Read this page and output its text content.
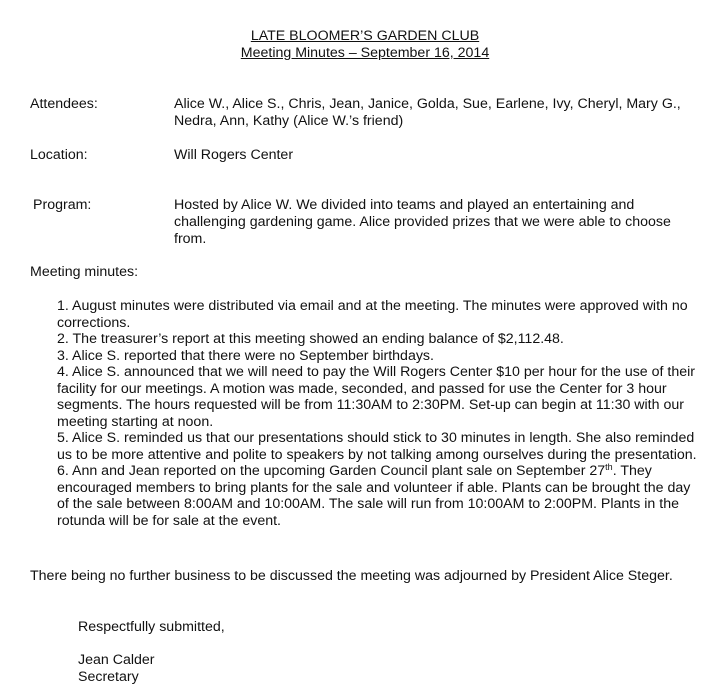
LATE BLOOMER’S GARDEN CLUB
Meeting Minutes – September 16, 2014
Attendees:	Alice W., Alice S., Chris, Jean, Janice, Golda, Sue, Earlene, Ivy, Cheryl, Mary G., Nedra, Ann, Kathy (Alice W.’s friend)
Location:	Will Rogers Center
Program:	Hosted by Alice W. We divided into teams and played an entertaining and challenging gardening game. Alice provided prizes that we were able to choose from.
Meeting minutes:

1. August minutes were distributed via email and at the meeting. The minutes were approved with no corrections.

2. The treasurer’s report at this meeting showed an ending balance of $2,112.48.

3. Alice S. reported that there were no September birthdays.

4. Alice S. announced that we will need to pay the Will Rogers Center $10 per hour for the use of their facility for our meetings. A motion was made, seconded, and passed for use the Center for 3 hour segments. The hours requested will be from 11:30AM to 2:30PM. Set-up can begin at 11:30 with our meeting starting at noon.

5. Alice S. reminded us that our presentations should stick to 30 minutes in length. She also reminded us to be more attentive and polite to speakers by not talking among ourselves during the presentation.

6. Ann and Jean reported on the upcoming Garden Council plant sale on September 27th. They encouraged members to bring plants for the sale and volunteer if able. Plants can be brought the day of the sale between 8:00AM and 10:00AM. The sale will run from 10:00AM to 2:00PM. Plants in the rotunda will be for sale at the event.

There being no further business to be discussed the meeting was adjourned by President Alice Steger.
Respectfully submitted,
Jean Calder
Secretary
